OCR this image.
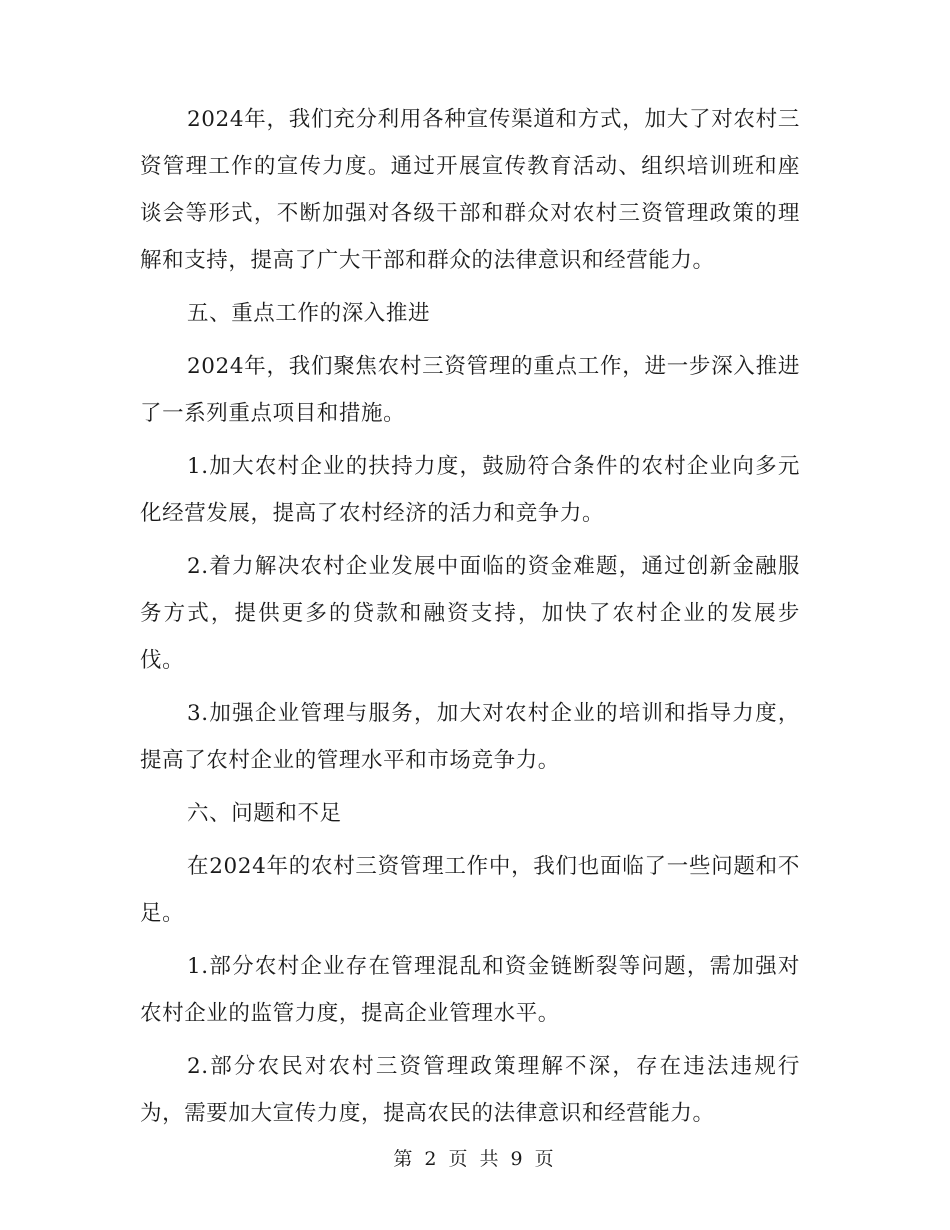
2024年，我们充分利用各种宣传渠道和方式，加大了对农村三资管理工作的宣传力度。通过开展宣传教育活动、组织培训班和座谈会等形式，不断加强对各级干部和群众对农村三资管理政策的理解和支持，提高了广大干部和群众的法律意识和经营能力。

五、重点工作的深入推进

2024年，我们聚焦农村三资管理的重点工作，进一步深入推进了一系列重点项目和措施。

1.加大农村企业的扶持力度，鼓励符合条件的农村企业向多元化经营发展，提高了农村经济的活力和竞争力。

2.着力解决农村企业发展中面临的资金难题，通过创新金融服务方式，提供更多的贷款和融资支持，加快了农村企业的发展步伐。

3.加强企业管理与服务，加大对农村企业的培训和指导力度，提高了农村企业的管理水平和市场竞争力。

六、问题和不足

在2024年的农村三资管理工作中，我们也面临了一些问题和不足。

1.部分农村企业存在管理混乱和资金链断裂等问题，需加强对农村企业的监管力度，提高企业管理水平。

2.部分农民对农村三资管理政策理解不深，存在违法违规行为，需要加大宣传力度，提高农民的法律意识和经营能力。

第 2 页 共 9 页
